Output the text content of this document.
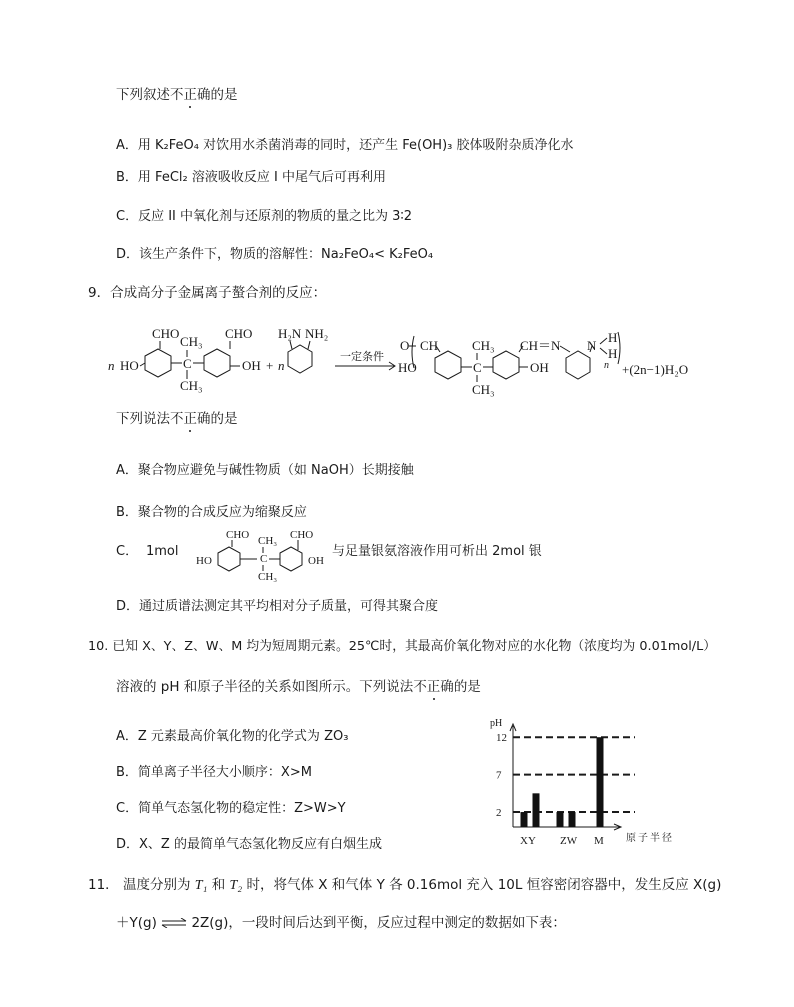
下列叙述不正确的是
A．用 K₂FeO₄ 对饮用水杀菌消毒的同时，还产生 Fe(OH)₃ 胶体吸附杂质净化水
B．用 FeCl₂ 溶液吸收反应 I 中尾气后可再利用
C．反应 II 中氧化剂与还原剂的物质的量之比为 3∶2
D．该生产条件下，物质的溶解性：Na₂FeO₄< K₂FeO₄
9．合成高分子金属离子螯合剂的反应：
n HO
CHO
CH₃
C
CH₃
CHO
OH + n
H₂N NH₂
一定条件
O CH
HO
CH₃
C
CH₃
CH＝N
OH
N
H
H
n +(2n−1)H₂O
下列说法不正确的是
A．聚合物应避免与碱性物质（如 NaOH）长期接触
B．聚合物的合成反应为缩聚反应
C． 1mol
CHO CH₃
C
CH₃
CHO
HO	OH
与足量银氨溶液作用可析出 2mol 银
D．通过质谱法测定其平均相对分子质量，可得其聚合度
10. 已知 X、Y、Z、W、M 均为短周期元素。25℃时，其最高价氧化物对应的水化物（浓度均为 0.01mol/L）
溶液的 pH 和原子半径的关系如图所示。下列说法不正确的是
A．Z 元素最高价氧化物的化学式为 ZO₃
B．简单离子半径大小顺序：X>M
C．简单气态氢化物的稳定性：Z>W>Y
D．X、Z 的最简单气态氢化物反应有白烟生成
pH
原子半径
12
7
2
XY ZW M
11． 温度分别为 T₁ 和 T₂ 时，将气体 X 和气体 Y 各 0.16mol 充入 10L 恒容密闭容器中，发生反应 X(g)
＋Y(g) ⇌ 2Z(g)，一段时间后达到平衡，反应过程中测定的数据如下表：
